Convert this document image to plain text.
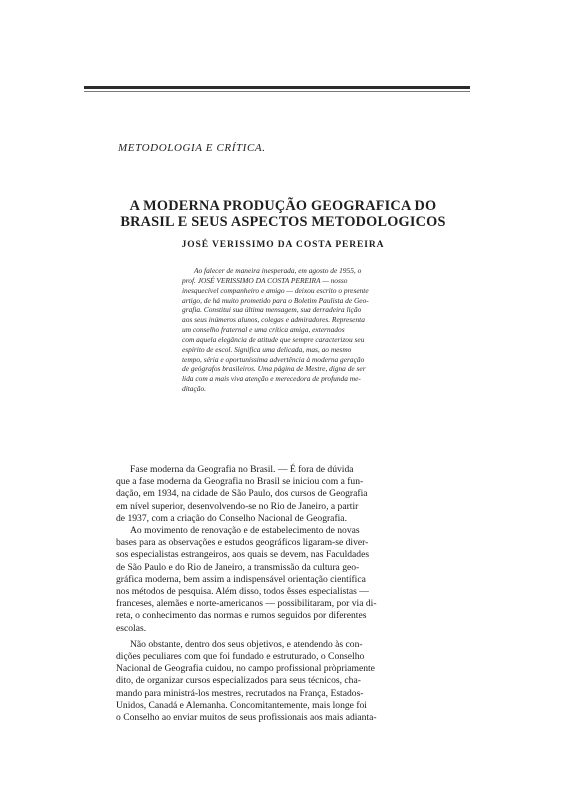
METODOLOGIA E CRÍTICA.
A MODERNA PRODUÇÃO GEOGRAFICA DO
BRASIL E SEUS ASPECTOS METODOLOGICOS
JOSÉ VERISSIMO DA COSTA PEREIRA
Ao falecer de maneira inesperada, em agosto de 1955, o
prof. JOSÉ VERISSIMO DA COSTA PEREIRA — nosso
inesquecível companheiro e amigo — deixou escrito o presente
artigo, de há muito prometido para o Boletim Paulista de Geo-
grafia. Constitui sua última mensagem, sua derradeira lição
aos seus inúmeros alunos, colegas e admiradores. Representa
um conselho fraternal e uma crítica amiga, externados
com aquela elegância de atitude que sempre caracterizou seu
espírito de escol. Significa uma delicada, mas, ao mesmo
tempo, séria e oportuníssima advertência à moderna geração
de geógrafos brasileiros. Uma página de Mestre, digna de ser
lida com a mais viva atenção e merecedora de profunda me-
ditação.
Fase moderna da Geografia no Brasil. — É fora de dúvida
que a fase moderna da Geografia no Brasil se iniciou com a fun-
dação, em 1934, na cidade de São Paulo, dos cursos de Geografia
em nível superior, desenvolvendo-se no Rio de Janeiro, a partir
de 1937, com a criação do Conselho Nacional de Geografia.
Ao movimento de renovação e de estabelecimento de novas
bases para as observações e estudos geográficos ligaram-se diver-
sos especialistas estrangeiros, aos quais se devem, nas Faculdades
de São Paulo e do Rio de Janeiro, a transmissão da cultura geo-
gráfica moderna, bem assim a indispensável orientação científica
nos métodos de pesquisa. Além disso, todos êsses especialistas —
franceses, alemães e norte-americanos — possibilitaram, por via di-
reta, o conhecimento das normas e rumos seguidos por diferentes
escolas.
Não obstante, dentro dos seus objetivos, e atendendo às con-
dições peculiares com que foi fundado e estruturado, o Conselho
Nacional de Geografia cuidou, no campo profissional pròpriamente
dito, de organizar cursos especializados para seus técnicos, cha-
mando para ministrá-los mestres, recrutados na França, Estados-
Unidos, Canadá e Alemanha. Concomitantemente, mais longe foi
o Conselho ao enviar muitos de seus profissionais aos mais adianta-
